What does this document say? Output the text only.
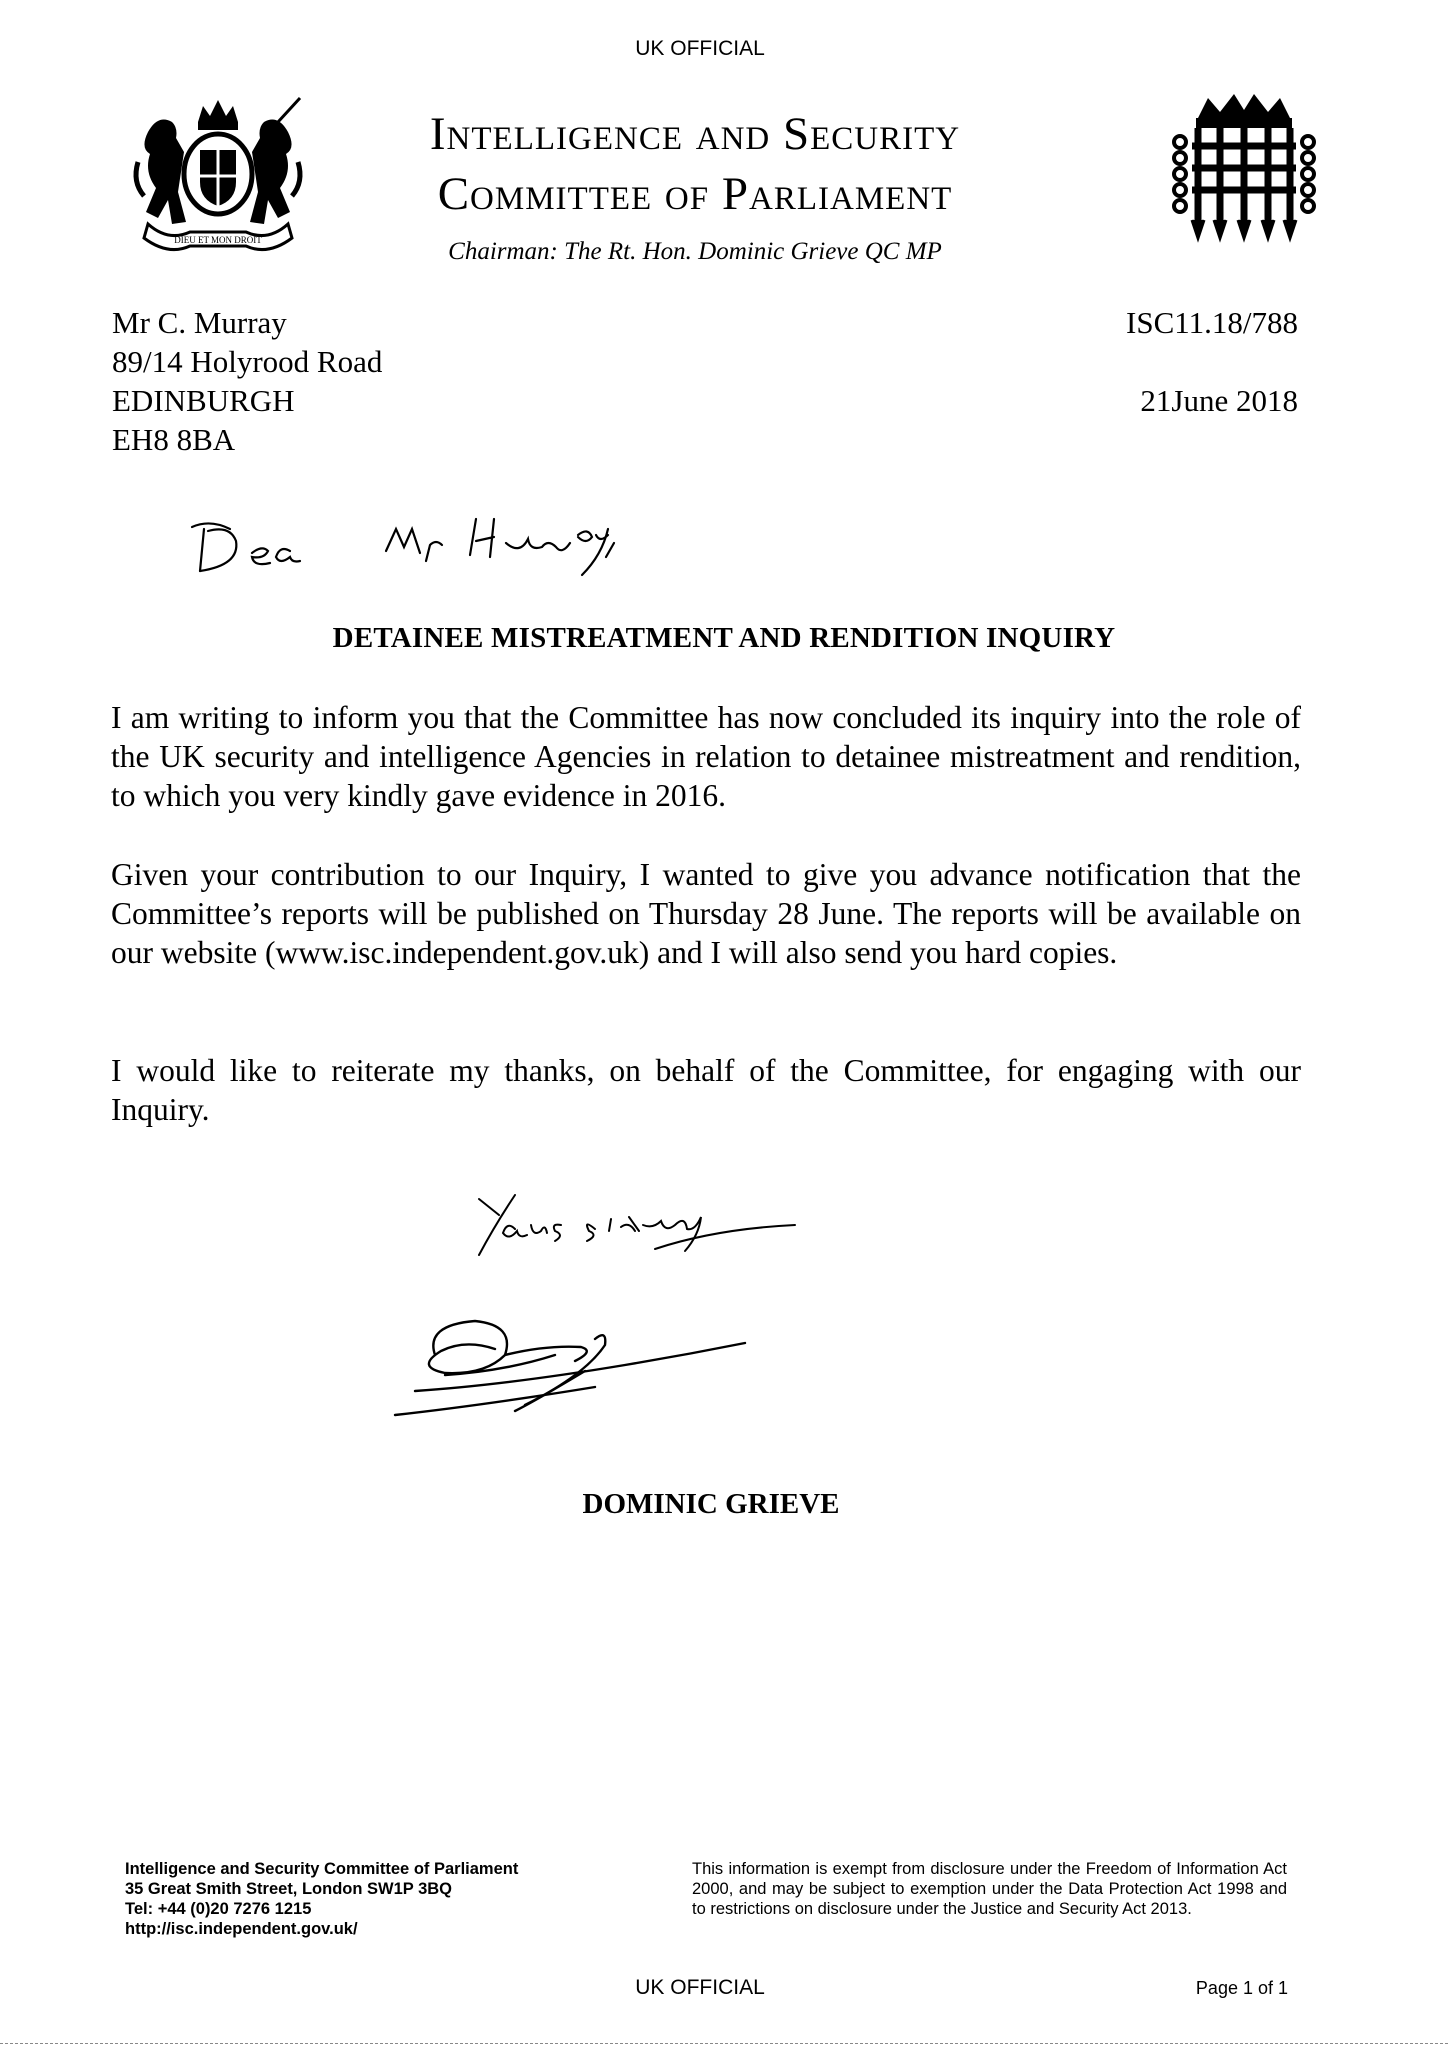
UK OFFICIAL
DIEU ET MON DROIT
Intelligence and Security
Committee of Parliament
Chairman: The Rt. Hon. Dominic Grieve QC MP
Mr C. Murray
89/14 Holyrood Road
EDINBURGH
EH8 8BA
ISC11.18/788
21June 2018
DETAINEE MISTREATMENT AND RENDITION INQUIRY
I am writing to inform you that the Committee has now concluded its inquiry into the role of the UK security and intelligence Agencies in relation to detainee mistreatment and rendition, to which you very kindly gave evidence in 2016.
Given your contribution to our Inquiry, I wanted to give you advance notification that the Committee’s reports will be published on Thursday 28 June. The reports will be available on our website (www.isc.independent.gov.uk) and I will also send you hard copies.
I would like to reiterate my thanks, on behalf of the Committee, for engaging with our Inquiry.
DOMINIC GRIEVE
Intelligence and Security Committee of Parliament
35 Great Smith Street, London SW1P 3BQ
Tel: +44 (0)20 7276 1215
http://isc.independent.gov.uk/
This information is exempt from disclosure under the Freedom of Information Act 2000, and may be subject to exemption under the Data Protection Act 1998 and to restrictions on disclosure under the Justice and Security Act 2013.
UK OFFICIAL	Page 1 of 1
